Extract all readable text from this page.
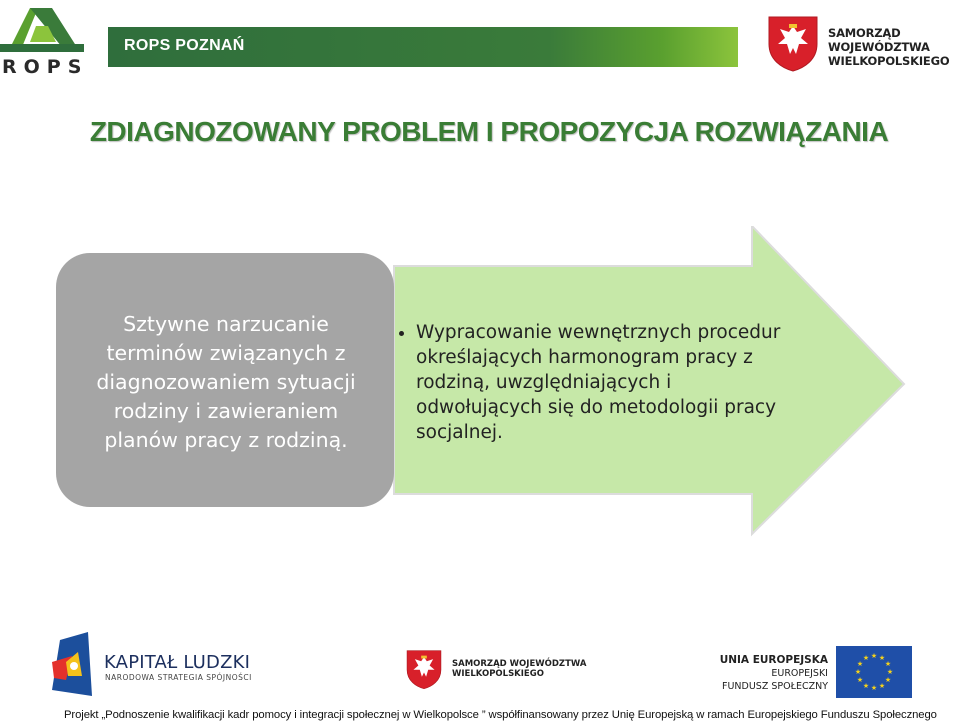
ROPS
ROPS POZNAŃ
SAMORZĄD WOJEWÓDZTWA
WIELKOPOLSKIEGO
ZDIAGNOZOWANY PROBLEM I PROPOZYCJA ROZWIĄZANIA
Sztywne narzucanie terminów związanych z diagnozowaniem sytuacji rodziny i zawieraniem planów pracy z rodziną.
• Wypracowanie wewnętrznych procedur określających harmonogram pracy z rodziną, uwzględniających i odwołujących się do metodologii pracy socjalnej.
KAPITAŁ LUDZKI
NARODOWA STRATEGIA SPÓJNOŚCI
SAMORZĄD WOJEWÓDZTWA
WIELKOPOLSKIEGO
UNIA EUROPEJSKA
EUROPEJSKI
FUNDUSZ SPOŁECZNY
★ ★
★
★
★
★
★
★
★
★
★
★
Projekt „Podnoszenie kwalifikacji kadr pomocy i integracji społecznej w Wielkopolsce ” współfinansowany przez Unię Europejską w ramach Europejskiego Funduszu Społecznego
